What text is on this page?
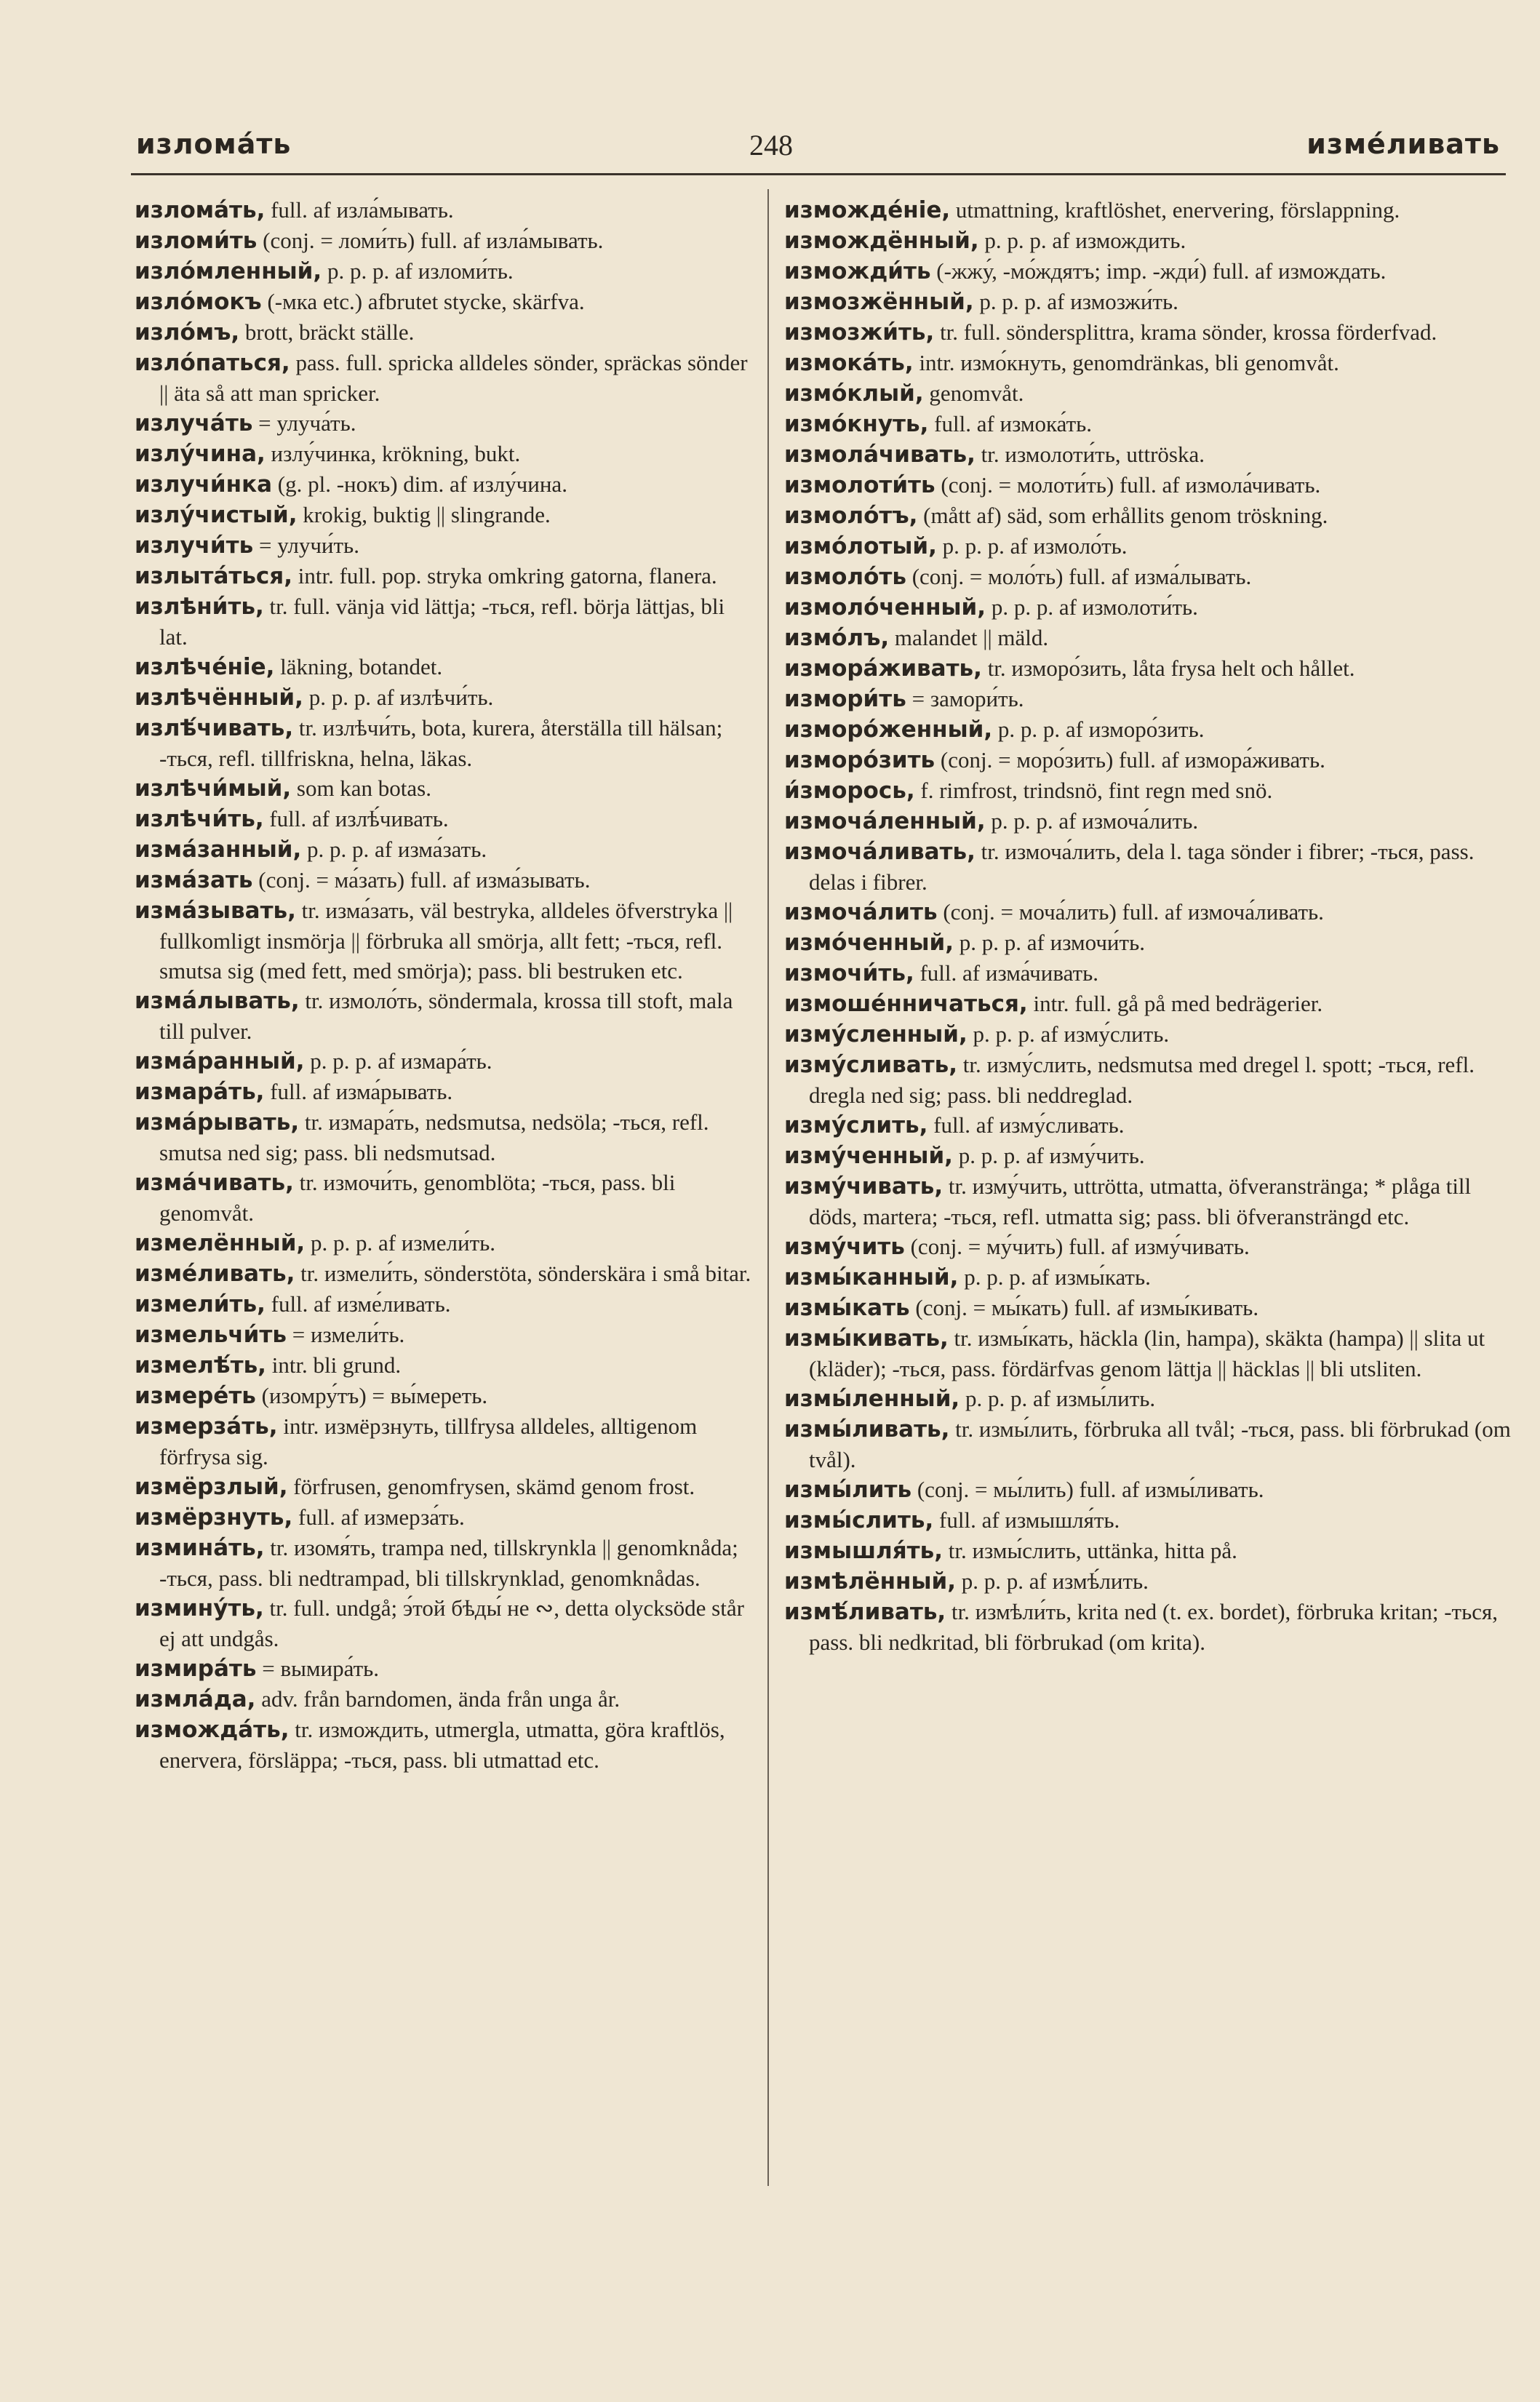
излома́ть	248	изме́ливать

излома́ть, full. af изла́мывать.

изломи́ть (conj. = ломи́ть) full. af изла́мывать.

изло́мленный, p. p. p. af изломи́ть.

изло́мокъ (-мка etc.) afbrutet stycke, skärfva.

изло́мъ, brott, bräckt ställe.

изло́паться, pass. full. spricka alldeles sönder, spräckas sönder || äta så att man spricker.

излуча́ть = улуча́ть.

излу́чина, излу́чинка, krökning, bukt.

излучи́нка (g. pl. -нокъ) dim. af излу́чина.

излу́чистый, krokig, buktig || slingrande.

излучи́ть = улучи́ть.

излыта́ться, intr. full. pop. stryka omkring gatorna, flanera.

излѣни́ть, tr. full. vänja vid lättja; -ться, refl. börja lättjas, bli lat.

излѣче́ніе, läkning, botandet.

излѣчённый, p. p. p. af излѣчи́ть.

излѣ́чивать, tr. излѣчи́ть, bota, kurera, återställa till hälsan; -ться, refl. tillfriskna, helna, läkas.

излѣчи́мый, som kan botas.

излѣчи́ть, full. af излѣ́чивать.

изма́занный, p. p. p. af изма́зать.

изма́зать (conj. = ма́зать) full. af изма́зывать.

изма́зывать, tr. изма́зать, väl bestryka, alldeles öfverstryka || fullkomligt insmörja || förbruka all smörja, allt fett; -ться, refl. smutsa sig (med fett, med smörja); pass. bli bestruken etc.

изма́лывать, tr. измоло́ть, söndermala, krossa till stoft, mala till pulver.

изма́ранный, p. p. p. af измара́ть.

измара́ть, full. af изма́рывать.

изма́рывать, tr. измара́ть, nedsmutsa, nedsöla; -ться, refl. smutsa ned sig; pass. bli nedsmutsad.

изма́чивать, tr. измочи́ть, genomblöta; -ться, pass. bli genomvåt.

измелённый, p. p. p. af измели́ть.

изме́ливать, tr. измели́ть, sönderstöta, sönderskära i små bitar.

измели́ть, full. af изме́ливать.

измельчи́ть = измели́ть.

измелѣ́ть, intr. bli grund.

измере́ть (изомру́тъ) = вы́мереть.

измерза́ть, intr. измёрзнуть, tillfrysa alldeles, alltigenom förfrysa sig.

измёрзлый, förfrusen, genomfrysen, skämd genom frost.

измёрзнуть, full. af измерза́ть.

измина́ть, tr. изомя́ть, trampa ned, tillskrynkla || genomknåda; -ться, pass. bli nedtrampad, bli tillskrynklad, genomknådas.

измину́ть, tr. full. undgå; э́той бѣды́ не ∾, detta olycksöde står ej att undgås.

измира́ть = вымира́ть.

измла́да, adv. från barndomen, ända från unga år.

изможда́ть, tr. измождить, utmergla, utmatta, göra kraftlös, enervera, försläppa; -ться, pass. bli utmattad etc.

изможде́ніе, utmattning, kraftlöshet, enervering, förslappning.

измождённый, p. p. p. af измождить.

изможди́ть (-жжу́, -мо́ждятъ; imp. -жди́) full. af измождать.

измозжённый, p. p. p. af измозжи́ть.

измозжи́ть, tr. full. söndersplittra, krama sönder, krossa förderfvad.

измока́ть, intr. измо́кнуть, genomdränkas, bli genomvåt.

измо́клый, genomvåt.

измо́кнуть, full. af измока́ть.

измола́чивать, tr. измолоти́ть, uttröska.

измолоти́ть (conj. = молоти́ть) full. af измола́чивать.

измоло́тъ, (mått af) säd, som erhållits genom tröskning.

измо́лотый, p. p. p. af измоло́ть.

измоло́ть (conj. = моло́ть) full. af изма́лывать.

измоло́ченный, p. p. p. af измолоти́ть.

измо́лъ, malandet || mäld.

измора́живать, tr. изморо́зить, låta frysa helt och hållet.

измори́ть = замори́ть.

изморо́женный, p. p. p. af изморо́зить.

изморо́зить (conj. = моро́зить) full. af измора́живать.

и́зморось, f. rimfrost, trindsnö, fint regn med snö.

измоча́ленный, p. p. p. af измоча́лить.

измоча́ливать, tr. измоча́лить, dela l. taga sönder i fibrer; -ться, pass. delas i fibrer.

измоча́лить (conj. = моча́лить) full. af измоча́ливать.

измо́ченный, p. p. p. af измочи́ть.

измочи́ть, full. af изма́чивать.

измоше́нничаться, intr. full. gå på med bedrägerier.

изму́сленный, p. p. p. af изму́слить.

изму́сливать, tr. изму́слить, nedsmutsa med dregel l. spott; -ться, refl. dregla ned sig; pass. bli neddreglad.

изму́слить, full. af изму́сливать.

изму́ченный, p. p. p. af изму́чить.

изму́чивать, tr. изму́чить, uttrötta, utmatta, öfveranstränga; * plåga till döds, martera; -ться, refl. utmatta sig; pass. bli öfveransträngd etc.

изму́чить (conj. = му́чить) full. af изму́чивать.

измы́канный, p. p. p. af измы́кать.

измы́кать (conj. = мы́кать) full. af измы́кивать.

измы́кивать, tr. измы́кать, häckla (lin, hampa), skäkta (hampa) || slita ut (kläder); -ться, pass. fördärfvas genom lättja || häcklas || bli utsliten.

измы́ленный, p. p. p. af измы́лить.

измы́ливать, tr. измы́лить, förbruka all tvål; -ться, pass. bli förbrukad (om tvål).

измы́лить (conj. = мы́лить) full. af измы́ливать.

измы́слить, full. af измышля́ть.

измышля́ть, tr. измы́слить, uttänka, hitta på.

измѣлённый, p. p. p. af измѣ́лить.

измѣ́ливать, tr. измѣли́ть, krita ned (t. ex. bordet), förbruka kritan; -ться, pass. bli nedkritad, bli förbrukad (om krita).
